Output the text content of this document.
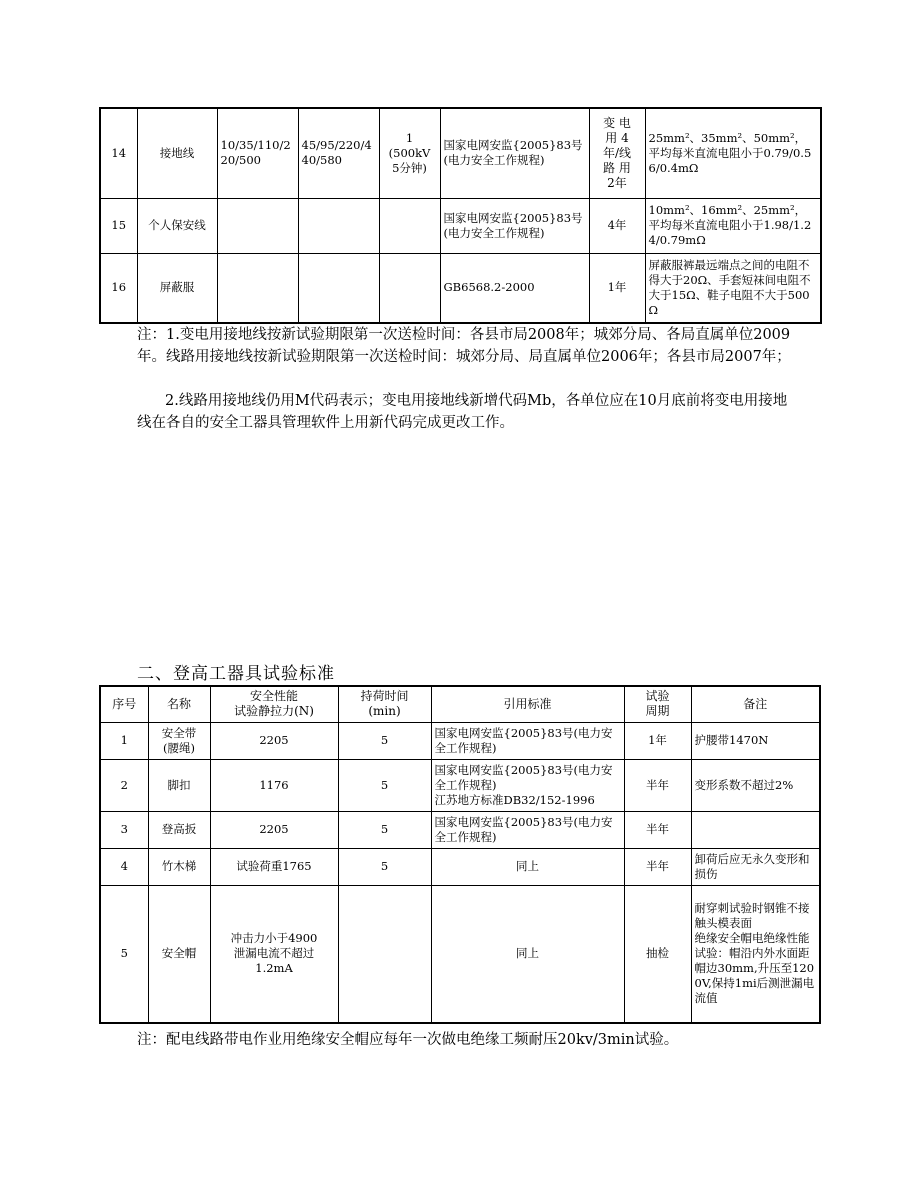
14	接地线	10/35/110/220/500	45/95/220/440/580	1
(500kV
5分钟)	国家电网安监{2005}83号(电力安全工作规程)	变 电
用 4
年/线
路 用
2年	25mm²、35mm²、50mm²，平均每米直流电阻小于0.79/0.56/0.4mΩ
15	个人保安线				国家电网安监{2005}83号(电力安全工作规程)	4年	10mm²、16mm²、25mm²，平均每米直流电阻小于1.98/1.24/0.79mΩ
16	屏蔽服				GB6568.2-2000	1年	屏蔽服裤最远端点之间的电阻不得大于20Ω、手套短袜间电阻不大于15Ω、鞋子电阻不大于500Ω

注：1.变电用接地线按新试验期限第一次送检时间：各县市局2008年；城郊分局、各局直属单位2009年。线路用接地线按新试验期限第一次送检时间：城郊分局、局直属单位2006年；各县市局2007年；

2.线路用接地线仍用M代码表示；变电用接地线新增代码Mb，各单位应在10月底前将变电用接地线在各自的安全工器具管理软件上用新代码完成更改工作。

二、登高工器具试验标准

序号	名称	安全性能
试验静拉力(N)	持荷时间
(min)	引用标准	试验
周期	备注
1	安全带
(腰绳)	2205	5	国家电网安监{2005}83号(电力安全工作规程)	1年	护腰带1470N
2	脚扣	1176	5	国家电网安监{2005}83号(电力安全工作规程)
江苏地方标准DB32/152-1996	半年	变形系数不超过2%
3	登高扳	2205	5	国家电网安监{2005}83号(电力安全工作规程)	半年	
4	竹木梯	试验荷重1765	5	同上	半年	卸荷后应无永久变形和损伤
5	安全帽	冲击力小于4900
泄漏电流不超过
1.2mA		同上	抽检	耐穿刺试验时钢锥不接触头模表面
绝缘安全帽电绝缘性能试验：帽沿内外水面距帽边30mm,升压至1200V,保持1mi后测泄漏电流值

注：配电线路带电作业用绝缘安全帽应每年一次做电绝缘工频耐压20kv/3min试验。
